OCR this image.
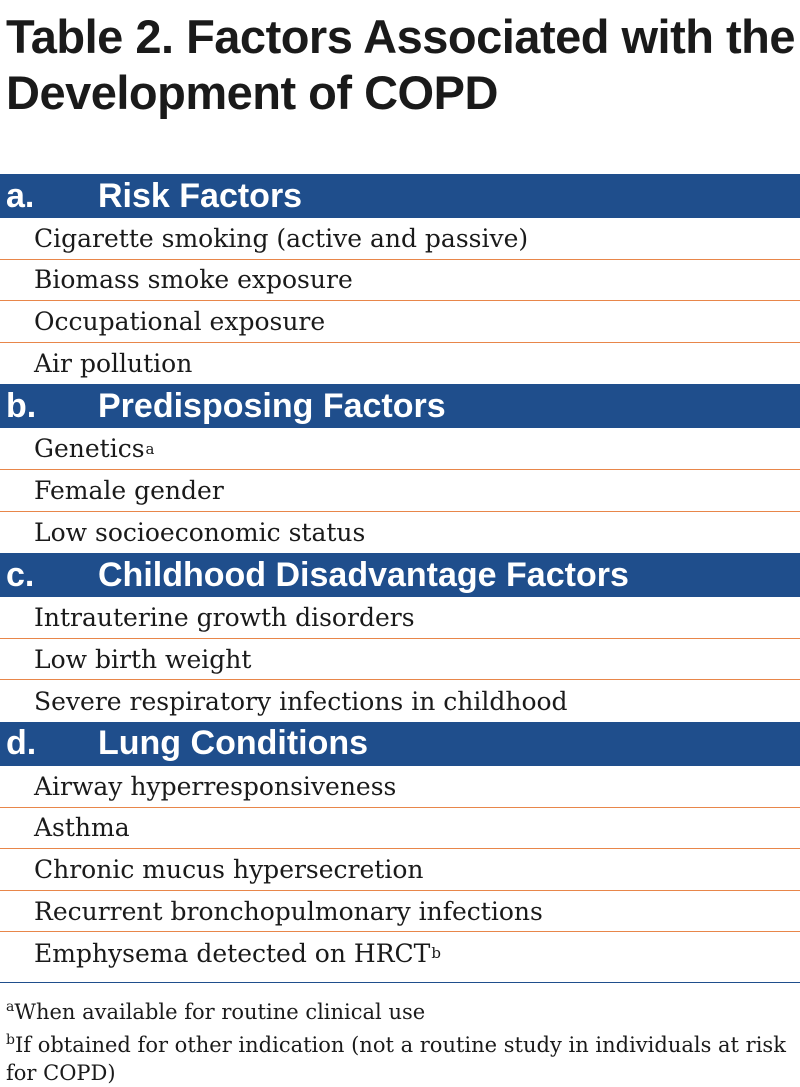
Table 2. Factors Associated with the Development of COPD
a.	Risk Factors
Cigarette smoking (active and passive)
Biomass smoke exposure
Occupational exposure
Air pollution
b.	Predisposing Factors
Genetics a
Female gender
Low socioeconomic status
c.	Childhood Disadvantage Factors
Intrauterine growth disorders
Low birth weight
Severe respiratory infections in childhood
d.	Lung Conditions
Airway hyperresponsiveness
Asthma
Chronic mucus hypersecretion
Recurrent bronchopulmonary infections
Emphysema detected on HRCT b
$^a$When available for routine clinical use
$^b$If obtained for other indication (not a routine study in individuals at risk for COPD)
